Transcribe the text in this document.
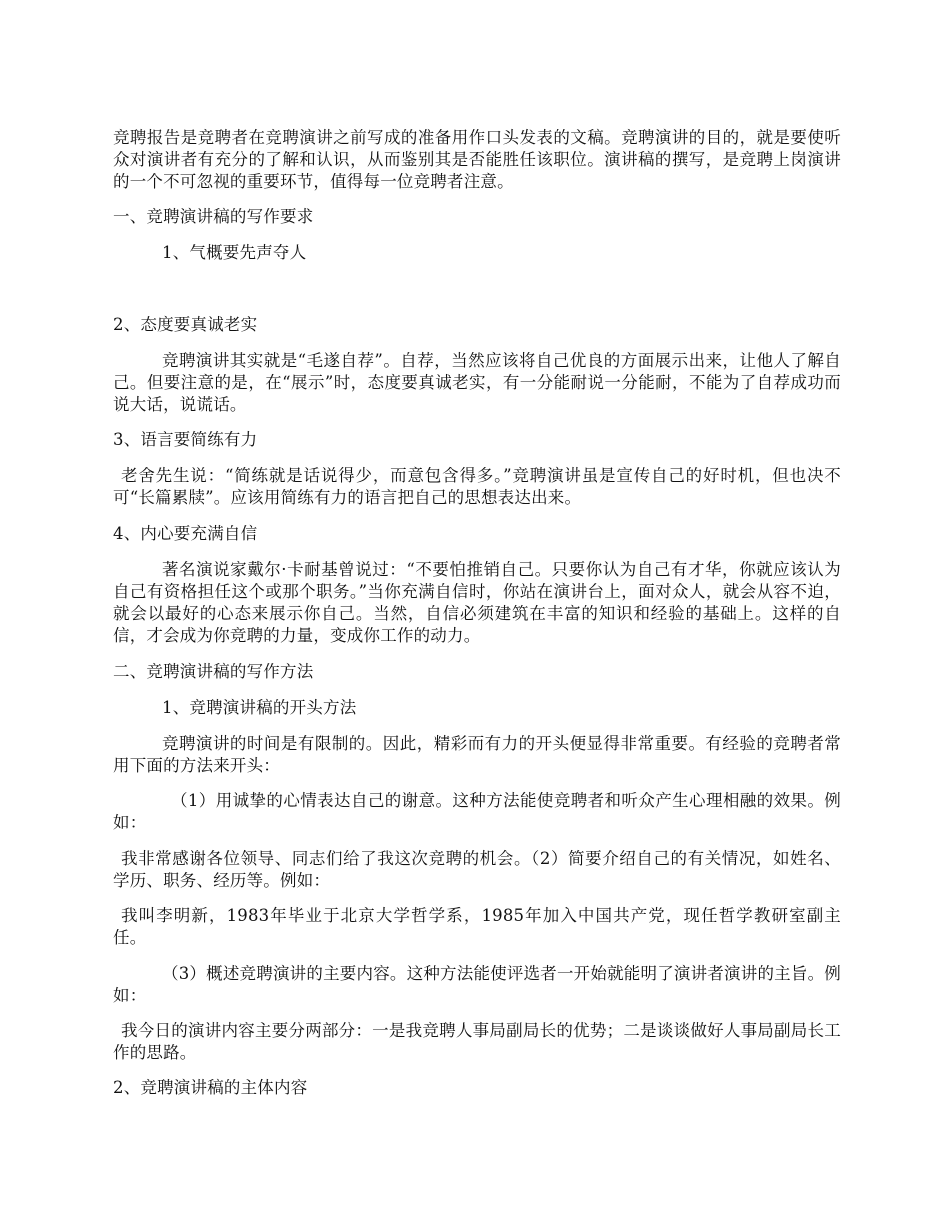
竞聘报告是竞聘者在竞聘演讲之前写成的准备用作口头发表的文稿。竞聘演讲的目的，就是要使听众对演讲者有充分的了解和认识，从而鉴别其是否能胜任该职位。演讲稿的撰写，是竞聘上岗演讲的一个不可忽视的重要环节，值得每一位竞聘者注意。

一、竞聘演讲稿的写作要求

1、气概要先声夺人

2、态度要真诚老实

竞聘演讲其实就是“毛遂自荐”。自荐，当然应该将自己优良的方面展示出来，让他人了解自己。但要注意的是，在“展示”时，态度要真诚老实，有一分能耐说一分能耐，不能为了自荐成功而说大话，说谎话。

3、语言要简练有力

老舍先生说：“简练就是话说得少，而意包含得多。”竞聘演讲虽是宣传自己的好时机，但也决不可“长篇累牍”。应该用简练有力的语言把自己的思想表达出来。

4、内心要充满自信

著名演说家戴尔·卡耐基曾说过：“不要怕推销自己。只要你认为自己有才华，你就应该认为自己有资格担任这个或那个职务。”当你充满自信时，你站在演讲台上，面对众人，就会从容不迫，就会以最好的心态来展示你自己。当然，自信必须建筑在丰富的知识和经验的基础上。这样的自信，才会成为你竞聘的力量，变成你工作的动力。

二、竞聘演讲稿的写作方法

1、竞聘演讲稿的开头方法

竞聘演讲的时间是有限制的。因此，精彩而有力的开头便显得非常重要。有经验的竞聘者常用下面的方法来开头：

（1）用诚挚的心情表达自己的谢意。这种方法能使竞聘者和听众产生心理相融的效果。例如：

我非常感谢各位领导、同志们给了我这次竞聘的机会。（2）简要介绍自己的有关情况，如姓名、学历、职务、经历等。例如：

我叫李明新，1983年毕业于北京大学哲学系，1985年加入中国共产党，现任哲学教研室副主任。

（3）概述竞聘演讲的主要内容。这种方法能使评选者一开始就能明了演讲者演讲的主旨。例如：

我今日的演讲内容主要分两部分：一是我竞聘人事局副局长的优势；二是谈谈做好人事局副局长工作的思路。

2、竞聘演讲稿的主体内容
